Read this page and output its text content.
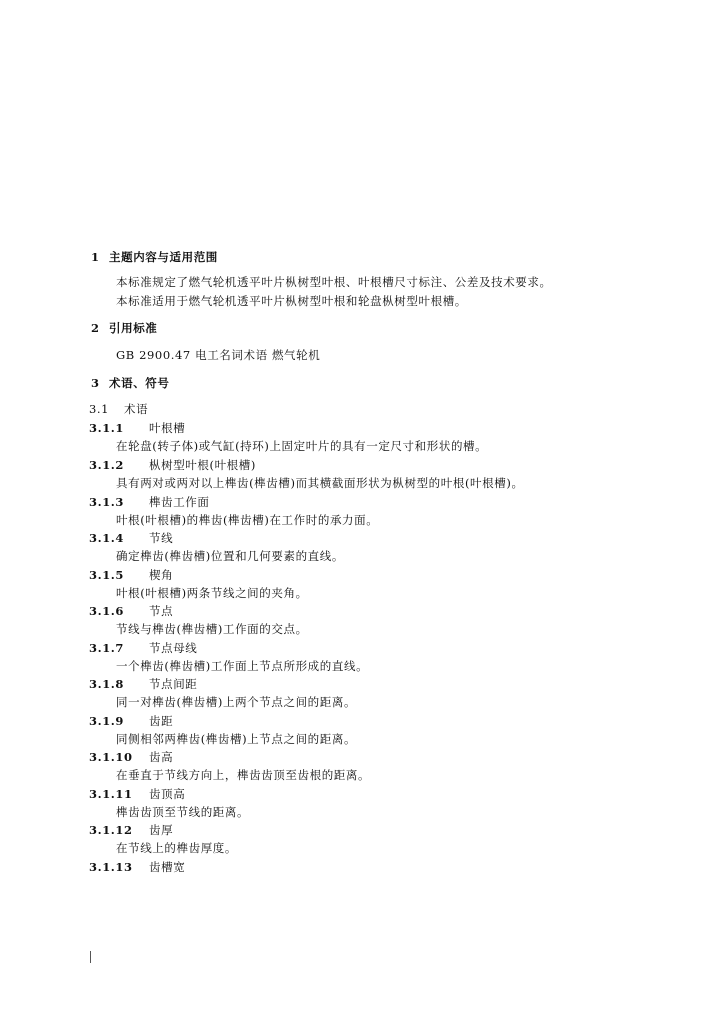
1 主题内容与适用范围
本标准规定了燃气轮机透平叶片枞树型叶根、叶根槽尺寸标注、公差及技术要求。
本标准适用于燃气轮机透平叶片枞树型叶根和轮盘枞树型叶根槽。
2 引用标准
GB 2900.47 电工名词术语 燃气轮机
3 术语、符号
3.1 术语
3.1.1 叶根槽
在轮盘(转子体)或气缸(持环)上固定叶片的具有一定尺寸和形状的槽。
3.1.2 枞树型叶根(叶根槽)
具有两对或两对以上榫齿(榫齿槽)而其横截面形状为枞树型的叶根(叶根槽)。
3.1.3 榫齿工作面
叶根(叶根槽)的榫齿(榫齿槽)在工作时的承力面。
3.1.4 节线
确定榫齿(榫齿槽)位置和几何要素的直线。
3.1.5 楔角
叶根(叶根槽)两条节线之间的夹角。
3.1.6 节点
节线与榫齿(榫齿槽)工作面的交点。
3.1.7 节点母线
一个榫齿(榫齿槽)工作面上节点所形成的直线。
3.1.8 节点间距
同一对榫齿(榫齿槽)上两个节点之间的距离。
3.1.9 齿距
同侧相邻两榫齿(榫齿槽)上节点之间的距离。
3.1.10 齿高
在垂直于节线方向上，榫齿齿顶至齿根的距离。
3.1.11 齿顶高
榫齿齿顶至节线的距离。
3.1.12 齿厚
在节线上的榫齿厚度。
3.1.13 齿槽宽
